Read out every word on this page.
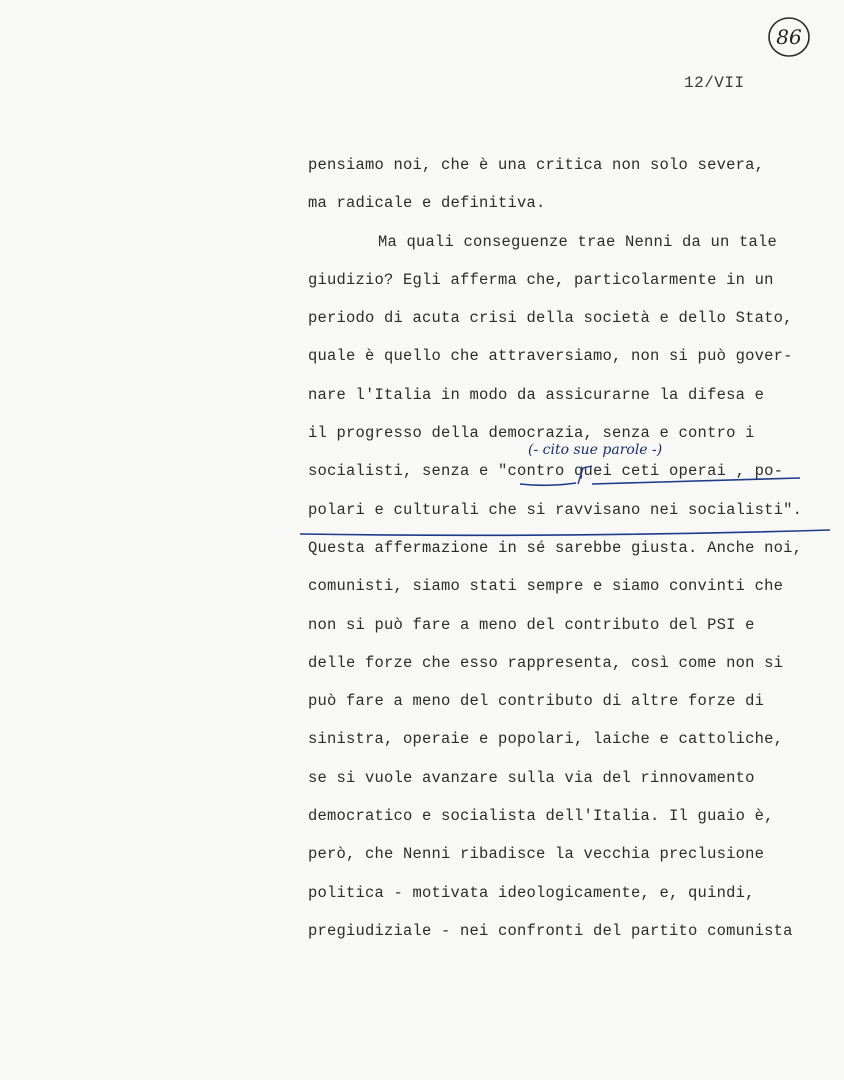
86
12/VII
(- cito sue parole -)
pensiamo noi, che è una critica non solo severa,
ma radicale e definitiva.
Ma quali conseguenze trae Nenni da un tale
giudizio? Egli afferma che, particolarmente in un
periodo di acuta crisi della società e dello Stato,
quale è quello che attraversiamo, non si può gover-
nare l'Italia in modo da assicurarne la difesa e
il progresso della democrazia, senza e contro i
socialisti, senza e "contro quei ceti operai , po-
polari e culturali che si ravvisano nei socialisti".
Questa affermazione in sé sarebbe giusta. Anche noi,
comunisti, siamo stati sempre e siamo convinti che
non si può fare a meno del contributo del PSI e
delle forze che esso rappresenta, così come non si
può fare a meno del contributo di altre forze di
sinistra, operaie e popolari, laiche e cattoliche,
se si vuole avanzare sulla via del rinnovamento
democratico e socialista dell'Italia. Il guaio è,
però, che Nenni ribadisce la vecchia preclusione
politica - motivata ideologicamente, e, quindi,
pregiudiziale - nei confronti del partito comunista
